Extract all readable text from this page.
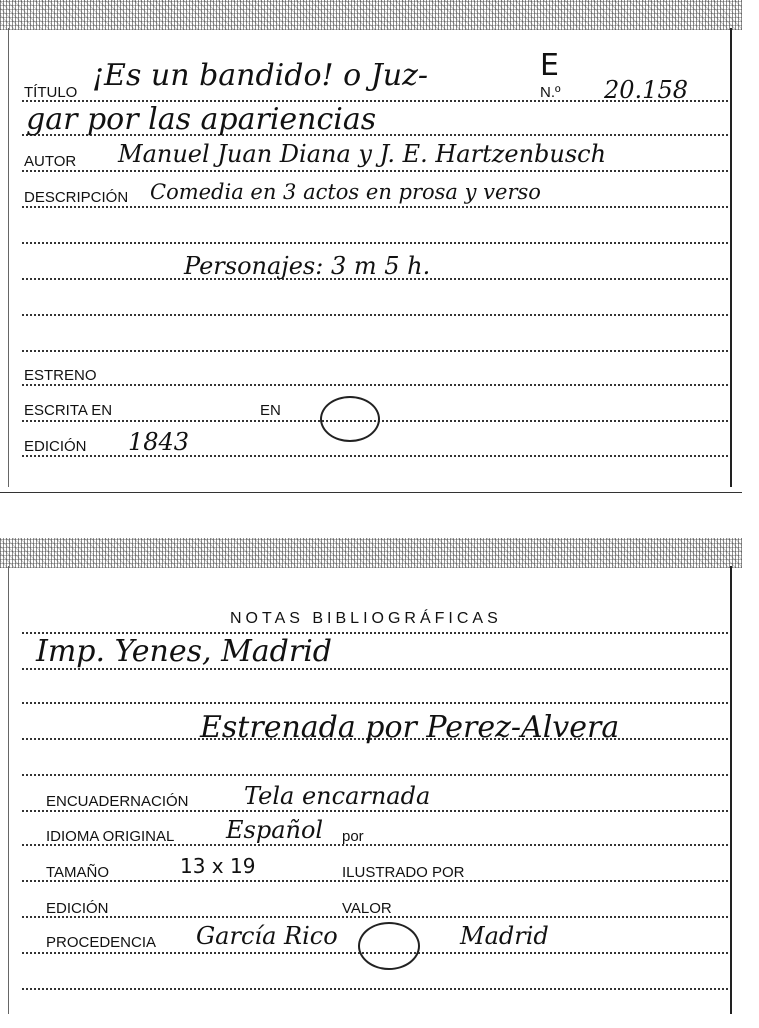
TÍTULO ¡Es un bandido! o Juz-	E
N.º 20.158
gar por las apariencias
AUTOR Manuel Juan Diana y J. E. Hartzenbusch
DESCRIPCIÓN Comedia en 3 actos en prosa y verso
Personajes: 3 m 5 h.
ESTRENO
ESCRITA EN	EN
EDICIÓN 1843
NOTAS BIBLIOGRÁFICAS
Imp. Yenes, Madrid
Estrenada por Perez-Alvera
ENCUADERNACIÓN Tela encarnada
IDIOMA ORIGINAL Español por
TAMAÑO	13 x 19	ILUSTRADO POR
EDICIÓN	VALOR
PROCEDENCIA García Rico	Madrid
